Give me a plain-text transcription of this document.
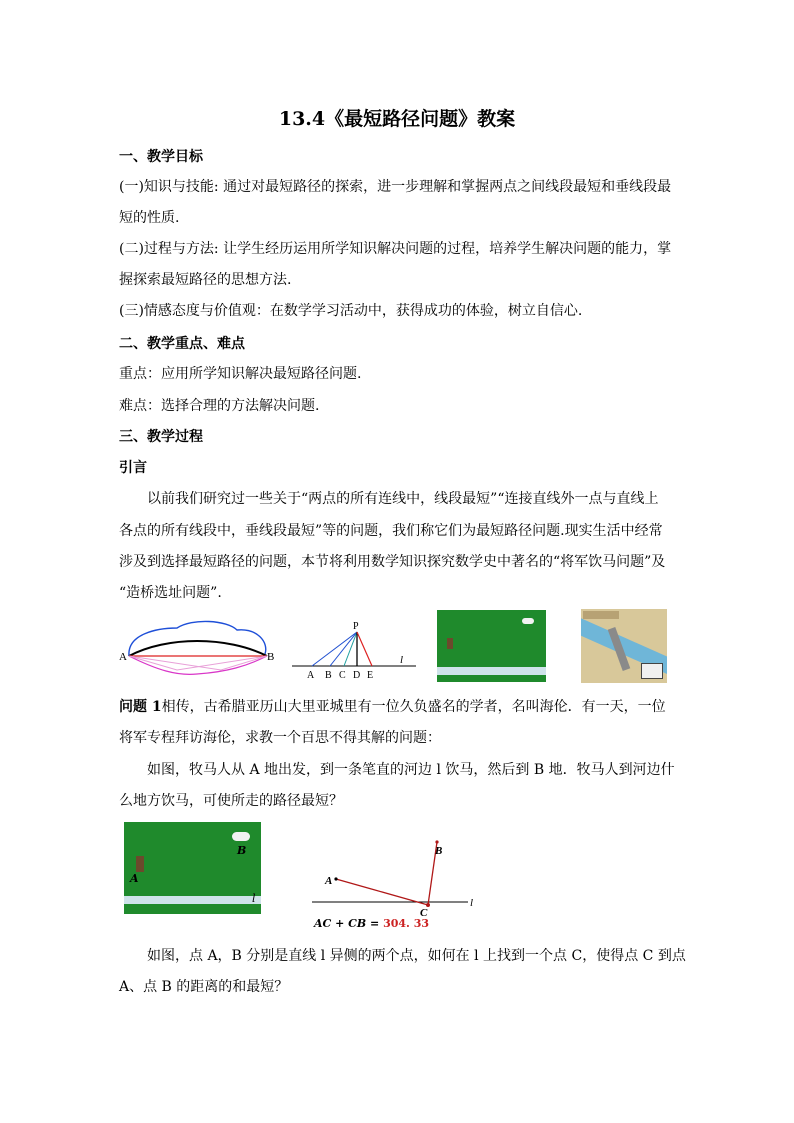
13.4《最短路径问题》教案
一、教学目标
(一)知识与技能: 通过对最短路径的探索，进一步理解和掌握两点之间线段最短和垂线段最
短的性质.
(二)过程与方法: 让学生经历运用所学知识解决问题的过程，培养学生解决问题的能力，掌
握探索最短路径的思想方法.
(三)情感态度与价值观：在数学学习活动中，获得成功的体验，树立自信心.
二、教学重点、难点
重点：应用所学知识解决最短路径问题.
难点：选择合理的方法解决问题.
三、教学过程
引言
以前我们研究过一些关于“两点的所有连线中，线段最短”“连接直线外一点与直线上
各点的所有线段中，垂线段最短”等的问题，我们称它们为最短路径问题.现实生活中经常
涉及到选择最短路径的问题，本节将利用数学知识探究数学史中著名的“将军饮马问题”及
“造桥选址问题”.
A	B
P
A B C D E
l
问题 1相传，古希腊亚历山大里亚城里有一位久负盛名的学者，名叫海伦．有一天，一位
将军专程拜访海伦，求教一个百思不得其解的问题：
如图，牧马人从 A 地出发，到一条笔直的河边 l 饮马，然后到 B 地．牧马人到河边什
么地方饮马，可使所走的路径最短？
A
B
l
A
B
C
l
AC + CB = 304. 33
如图，点 A，B 分别是直线 l 异侧的两个点，如何在 l 上找到一个点 C，使得点 C 到点
A、点 B 的距离的和最短？
